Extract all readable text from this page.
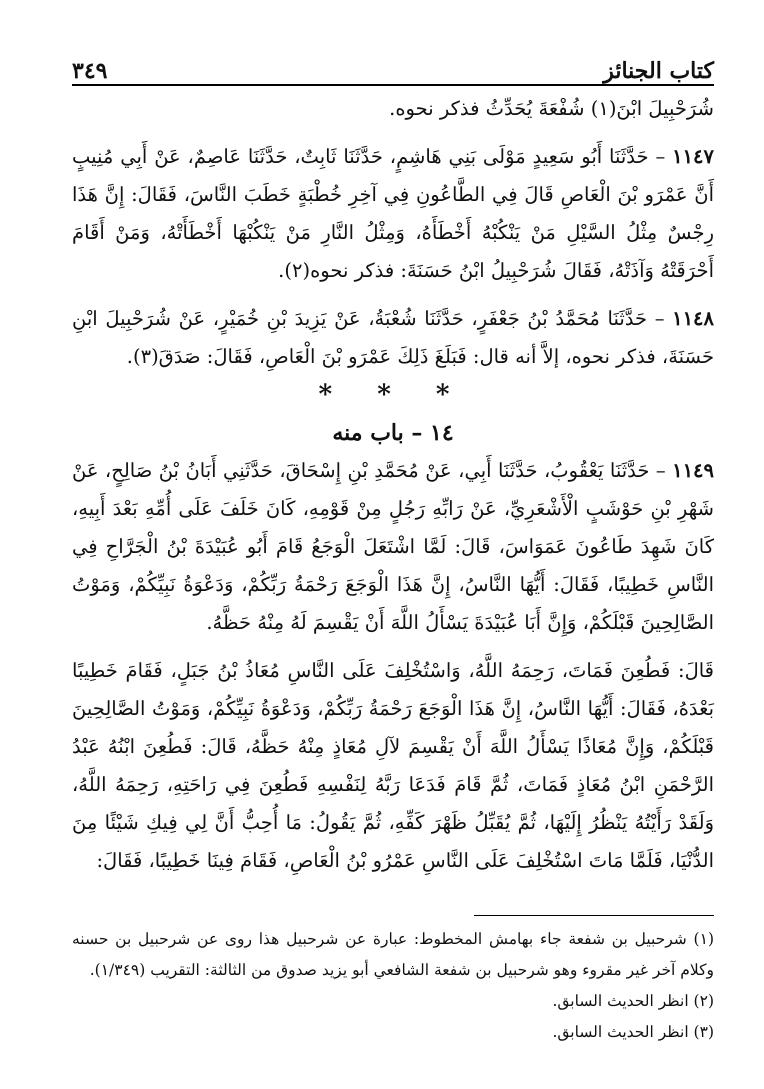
كتاب الجنائز
٣٤٩

شُرَحْبِيلَ ابْنَ(١) شُفْعَةَ يُحَدِّثُ فذكر نحوه.

١١٤٧ – حَدَّثَنَا أَبُو سَعِيدٍ مَوْلَى بَنِي هَاشِمٍ، حَدَّثَنَا ثَابِتٌ، حَدَّثَنَا عَاصِمٌ، عَنْ أَبِي مُنِيبٍ أَنَّ عَمْرَو بْنَ الْعَاصِ قَالَ فِي الطَّاعُونِ فِي آخِرِ خُطْبَةٍ خَطَبَ النَّاسَ، فَقَالَ: إِنَّ هَذَا رِجْسٌ مِثْلُ السَّيْلِ مَنْ يَنْكُبْهُ أَخْطَأَهُ، وَمِثْلُ النَّارِ مَنْ يَنْكُبْهَا أَخْطَأَتْهُ، وَمَنْ أَقَامَ أَحْرَقَتْهُ وَآذَتْهُ، فَقَالَ شُرَحْبِيلُ ابْنُ حَسَنَةَ: فذكر نحوه(٢).

١١٤٨ – حَدَّثَنَا مُحَمَّدُ بْنُ جَعْفَرٍ، حَدَّثَنَا شُعْبَةُ، عَنْ يَزِيدَ بْنِ خُمَيْرٍ، عَنْ شُرَحْبِيلَ ابْنِ حَسَنَةَ، فذكر نحوه، إلاَّ أنه قال: فَبَلَغَ ذَلِكَ عَمْرَو بْنَ الْعَاصِ، فَقَالَ: صَدَقَ(٣).

* * *

١٤ – باب منه

١١٤٩ – حَدَّثَنَا يَعْقُوبُ، حَدَّثَنَا أَبِي، عَنْ مُحَمَّدِ بْنِ إِسْحَاقَ، حَدَّثَنِي أَبَانُ بْنُ صَالِحٍ، عَنْ شَهْرِ بْنِ حَوْشَبٍ الْأَشْعَرِيِّ، عَنْ رَابِّهِ رَجُلٍ مِنْ قَوْمِهِ، كَانَ خَلَفَ عَلَى أُمِّهِ بَعْدَ أَبِيهِ، كَانَ شَهِدَ طَاعُونَ عَمَوَاسَ، قَالَ: لَمَّا اشْتَعَلَ الْوَجَعُ قَامَ أَبُو عُبَيْدَةَ بْنُ الْجَرَّاحِ فِي النَّاسِ خَطِيبًا، فَقَالَ: أَيُّهَا النَّاسُ، إِنَّ هَذَا الْوَجَعَ رَحْمَةُ رَبِّكُمْ، وَدَعْوَةُ نَبِيِّكُمْ، وَمَوْتُ الصَّالِحِينَ قَبْلَكُمْ، وَإِنَّ أَبَا عُبَيْدَةَ يَسْأَلُ اللَّهَ أَنْ يَقْسِمَ لَهُ مِنْهُ حَظَّهُ.

قَالَ: فَطُعِنَ فَمَاتَ، رَحِمَهُ اللَّهُ، وَاسْتُخْلِفَ عَلَى النَّاسِ مُعَاذُ بْنُ جَبَلٍ، فَقَامَ خَطِيبًا بَعْدَهُ، فَقَالَ: أَيُّهَا النَّاسُ، إِنَّ هَذَا الْوَجَعَ رَحْمَةُ رَبِّكُمْ، وَدَعْوَةُ نَبِيِّكُمْ، وَمَوْتُ الصَّالِحِينَ قَبْلَكُمْ، وَإِنَّ مُعَاذًا يَسْأَلُ اللَّهَ أَنْ يَقْسِمَ لآلِ مُعَاذٍ مِنْهُ حَظَّهُ، قَالَ: فَطُعِنَ ابْنُهُ عَبْدُ الرَّحْمَنِ ابْنُ مُعَاذٍ فَمَاتَ، ثُمَّ قَامَ فَدَعَا رَبَّهُ لِنَفْسِهِ فَطُعِنَ فِي رَاحَتِهِ، رَحِمَهُ اللَّهُ، وَلَقَدْ رَأَيْتُهُ يَنْظُرُ إِلَيْهَا، ثُمَّ يُقَبِّلُ ظَهْرَ كَفِّهِ، ثُمَّ يَقُولُ: مَا أُحِبُّ أَنَّ لِي فِيكِ شَيْئًا مِنَ الدُّنْيَا، فَلَمَّا مَاتَ اسْتُخْلِفَ عَلَى النَّاسِ عَمْرُو بْنُ الْعَاصِ، فَقَامَ فِينَا خَطِيبًا، فَقَالَ:

(١) شرحبيل بن شفعة جاء بهامش المخطوط: عبارة عن شرحبيل هذا روى عن شرحبيل بن حسنه وكلام آخر غير مقروء وهو شرحبيل بن شفعة الشافعي أبو يزيد صدوق من الثالثة: التقريب (١/٣٤٩).

(٢) انظر الحديث السابق.

(٣) انظر الحديث السابق.
